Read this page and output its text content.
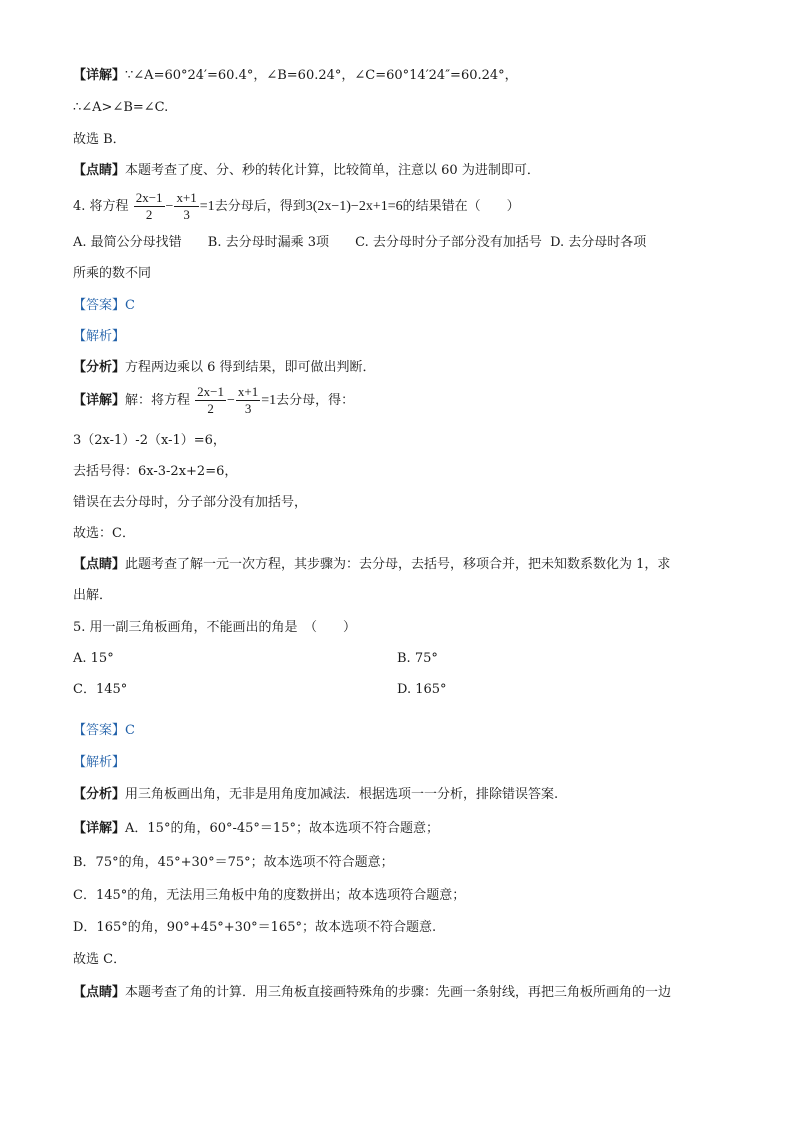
【详解】∵∠A=60°24′=60.4°，∠B=60.24°，∠C=60°14′24″=60.24°，
∴∠A>∠B=∠C.
故选 B．
【点睛】本题考查了度、分、秒的转化计算，比较简单，注意以 60 为进制即可．
4. 将方程 $\frac{2x-1}{2} - \frac{x+1}{3} =1$去分母后，得到3(2x−1)−2x+1=6的结果错在（　　）
A. 最简公分母找错 B. 去分母时漏乘 3项 C. 去分母时分子部分没有加括号 D. 去分母时各项
所乘的数不同
【答案】C
【解析】
【分析】方程两边乘以 6 得到结果，即可做出判断．
【详解】解：将方程 $\frac{2x-1}{2} - \frac{x+1}{3} =1$去分母，得：
3（2x-1）-2（x-1）=6，
去括号得：6x-3-2x+2=6，
错误在去分母时，分子部分没有加括号，
故选：C．
【点睛】此题考查了解一元一次方程，其步骤为：去分母，去括号，移项合并，把未知数系数化为 1，求
出解．
5. 用一副三角板画角，不能画出的角是　（　　）
A. 15°	B. 75°
C．145°	D. 165°
【答案】C
【解析】
【分析】用三角板画出角，无非是用角度加减法．根据选项一一分析，排除错误答案.
【详解】A．15°的角，60°-45°＝15°；故本选项不符合题意；
B．75°的角，45°+30°＝75°；故本选项不符合题意；
C．145°的角，无法用三角板中角的度数拼出；故本选项符合题意；
D．165°的角，90°+45°+30°＝165°；故本选项不符合题意.
故选 C．
【点睛】本题考查了角的计算．用三角板直接画特殊角的步骤：先画一条射线，再把三角板所画角的一边
